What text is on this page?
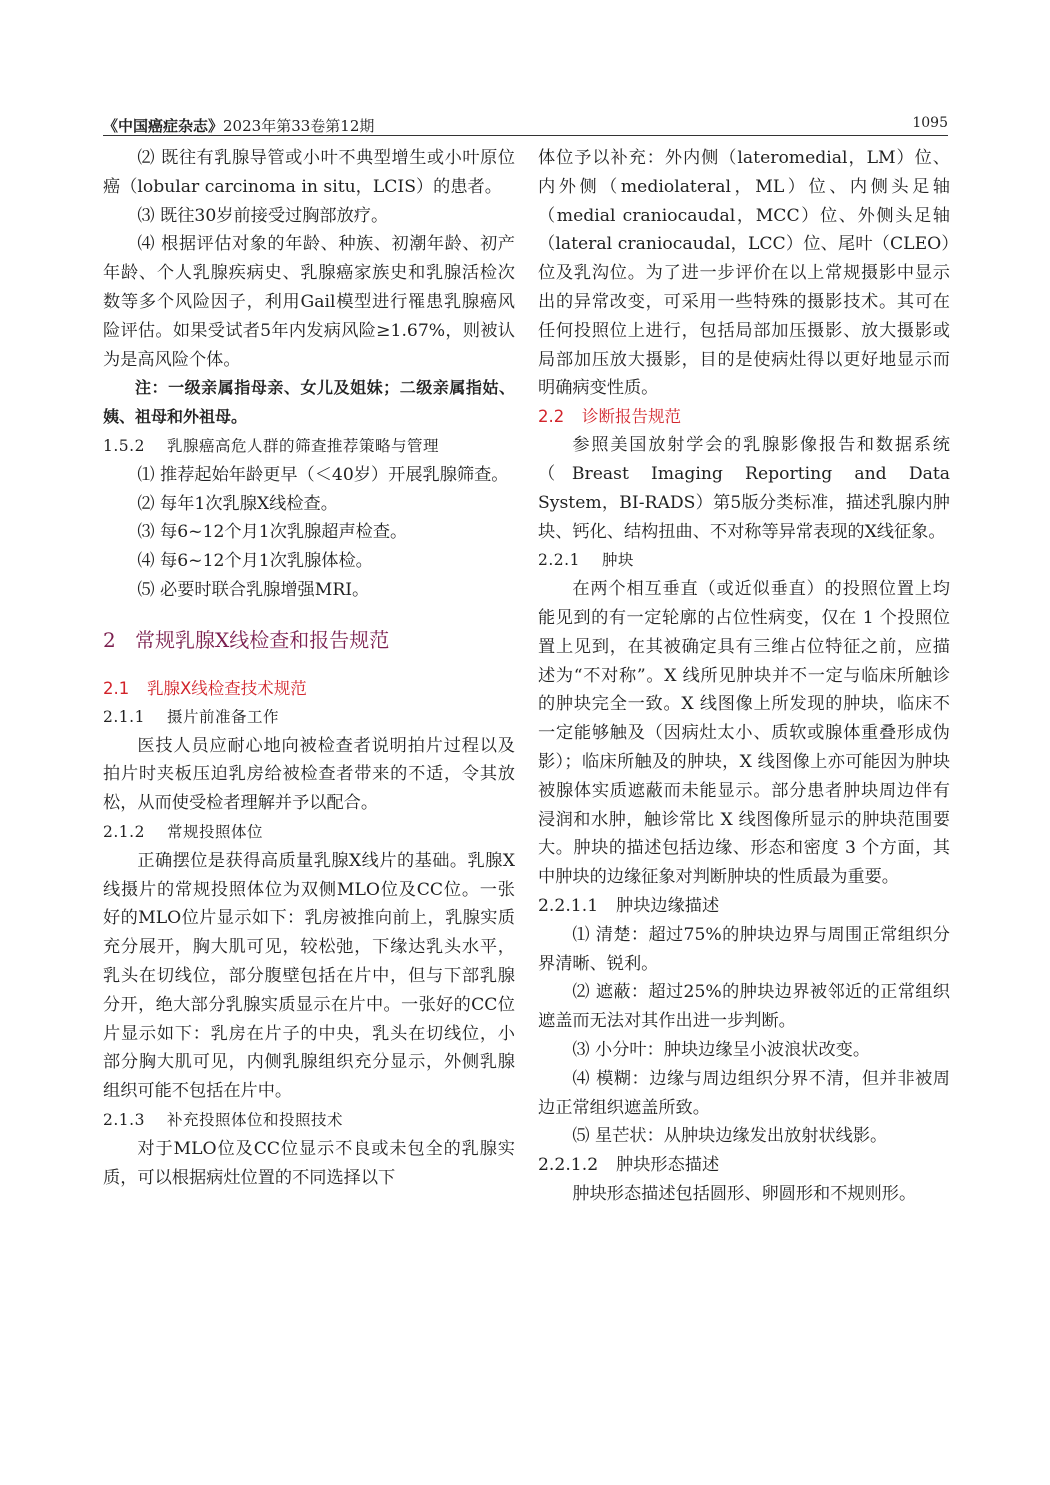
《中国癌症杂志》2023年第33卷第12期	1095

⑵ 既往有乳腺导管或小叶不典型增生或小叶原位癌（lobular carcinoma in situ，LCIS）的患者。

⑶ 既往30岁前接受过胸部放疗。

⑷ 根据评估对象的年龄、种族、初潮年龄、初产年龄、个人乳腺疾病史、乳腺癌家族史和乳腺活检次数等多个风险因子，利用Gail模型进行罹患乳腺癌风险评估。如果受试者5年内发病风险≥1.67%，则被认为是高风险个体。

注：一级亲属指母亲、女儿及姐妹；二级亲属指姑、姨、祖母和外祖母。

1.5.2 乳腺癌高危人群的筛查推荐策略与管理

⑴ 推荐起始年龄更早（＜40岁）开展乳腺筛查。

⑵ 每年1次乳腺X线检查。

⑶ 每6~12个月1次乳腺超声检查。

⑷ 每6~12个月1次乳腺体检。

⑸ 必要时联合乳腺增强MRI。

2 常规乳腺X线检查和报告规范

2.1 乳腺X线检查技术规范

2.1.1 摄片前准备工作

医技人员应耐心地向被检查者说明拍片过程以及拍片时夹板压迫乳房给被检查者带来的不适，令其放松，从而使受检者理解并予以配合。

2.1.2 常规投照体位

正确摆位是获得高质量乳腺X线片的基础。乳腺X线摄片的常规投照体位为双侧MLO位及CC位。一张好的MLO位片显示如下：乳房被推向前上，乳腺实质充分展开，胸大肌可见，较松弛，下缘达乳头水平，乳头在切线位，部分腹壁包括在片中，但与下部乳腺分开，绝大部分乳腺实质显示在片中。一张好的CC位片显示如下：乳房在片子的中央，乳头在切线位，小部分胸大肌可见，内侧乳腺组织充分显示，外侧乳腺组织可能不包括在片中。

2.1.3 补充投照体位和投照技术

对于MLO位及CC位显示不良或未包全的乳腺实质，可以根据病灶位置的不同选择以下

体位予以补充：外内侧（lateromedial，LM）位、内外侧（mediolateral，ML）位、内侧头足轴（medial craniocaudal，MCC）位、外侧头足轴（lateral craniocaudal，LCC）位、尾叶（CLEO）位及乳沟位。为了进一步评价在以上常规摄影中显示出的异常改变，可采用一些特殊的摄影技术。其可在任何投照位上进行，包括局部加压摄影、放大摄影或局部加压放大摄影，目的是使病灶得以更好地显示而明确病变性质。

2.2 诊断报告规范

参照美国放射学会的乳腺影像报告和数据系统（Breast Imaging Reporting and Data System，BI-RADS）第5版分类标准，描述乳腺内肿块、钙化、结构扭曲、不对称等异常表现的X线征象。

2.2.1 肿块

在两个相互垂直（或近似垂直）的投照位置上均能见到的有一定轮廓的占位性病变，仅在 1 个投照位置上见到，在其被确定具有三维占位特征之前，应描述为“不对称”。X 线所见肿块并不一定与临床所触诊的肿块完全一致。X 线图像上所发现的肿块，临床不一定能够触及（因病灶太小、质软或腺体重叠形成伪影）；临床所触及的肿块，X 线图像上亦可能因为肿块被腺体实质遮蔽而未能显示。部分患者肿块周边伴有浸润和水肿，触诊常比 X 线图像所显示的肿块范围要大。肿块的描述包括边缘、形态和密度 3 个方面，其中肿块的边缘征象对判断肿块的性质最为重要。

2.2.1.1 肿块边缘描述

⑴ 清楚：超过75%的肿块边界与周围正常组织分界清晰、锐利。

⑵ 遮蔽：超过25%的肿块边界被邻近的正常组织遮盖而无法对其作出进一步判断。

⑶ 小分叶：肿块边缘呈小波浪状改变。

⑷ 模糊：边缘与周边组织分界不清，但并非被周边正常组织遮盖所致。

⑸ 星芒状：从肿块边缘发出放射状线影。

2.2.1.2 肿块形态描述

肿块形态描述包括圆形、卵圆形和不规则形。
